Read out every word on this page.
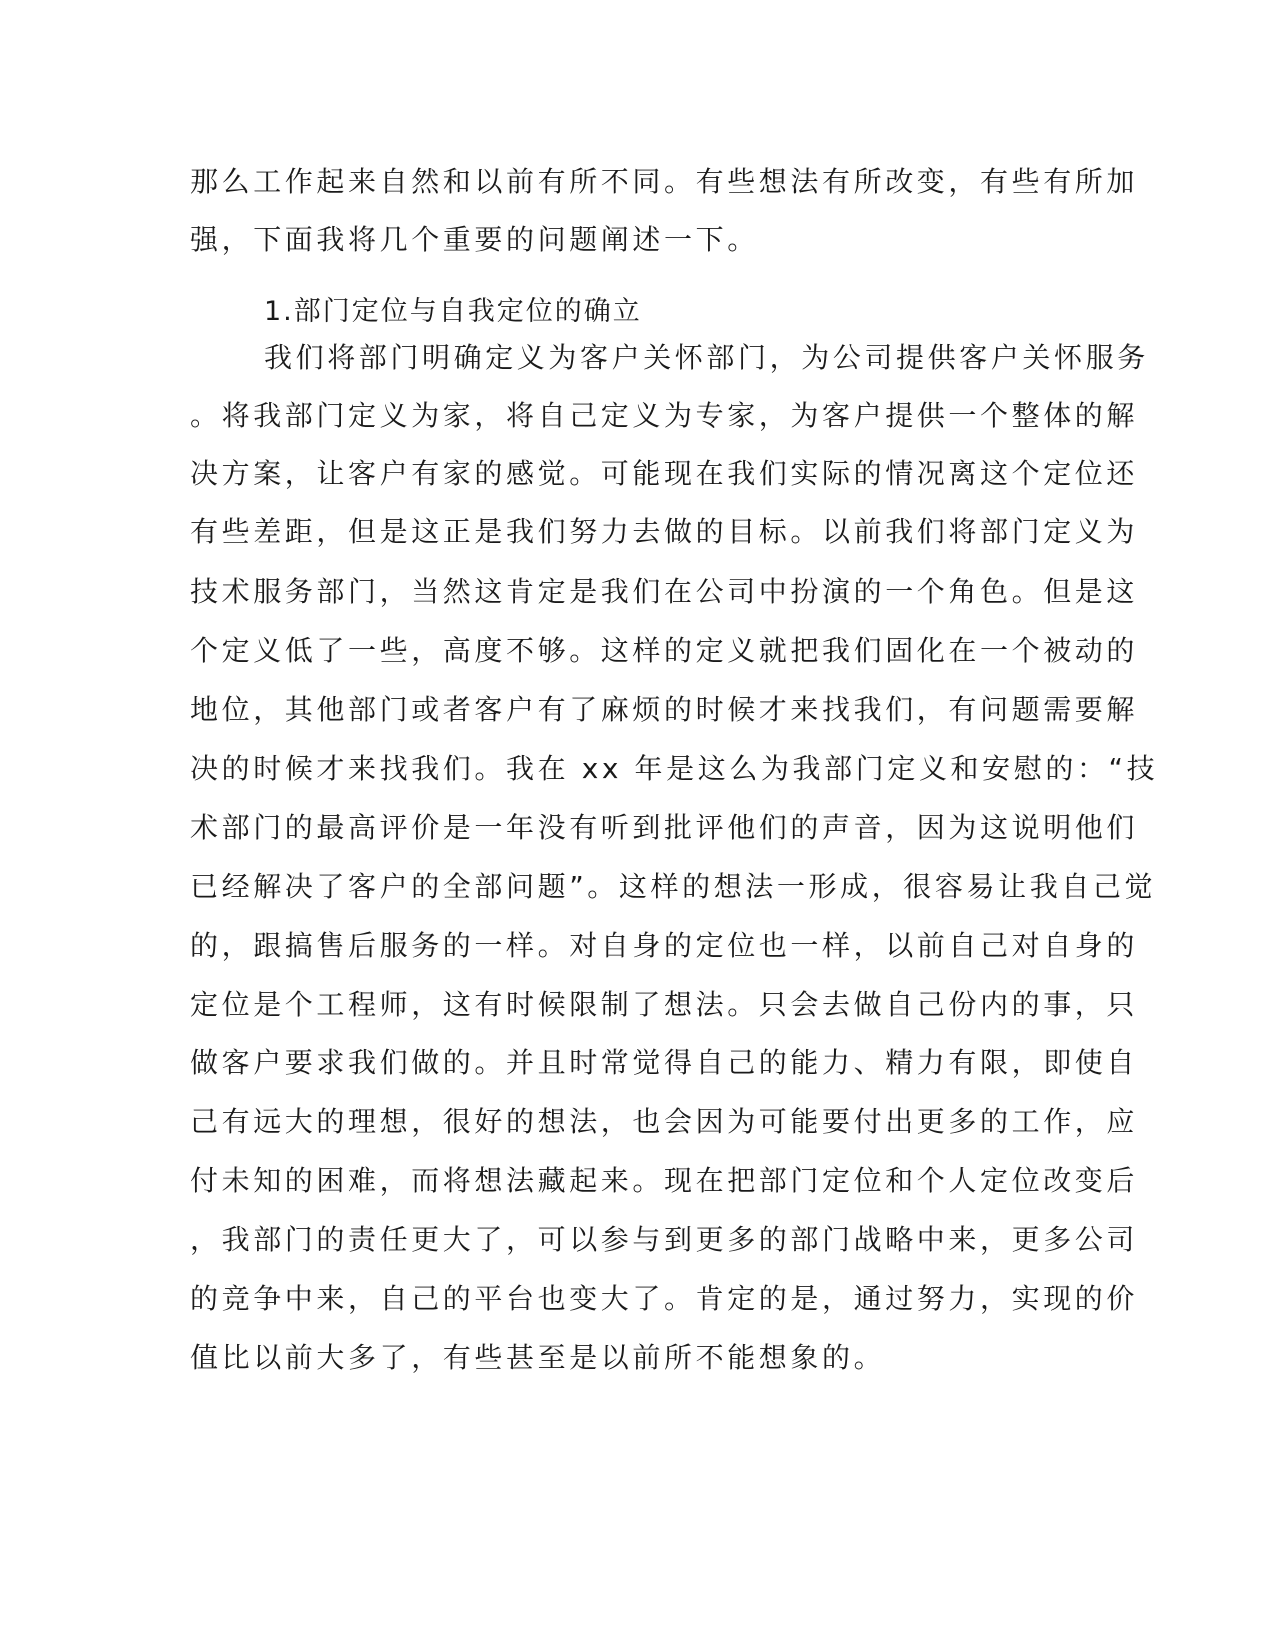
那么工作起来自然和以前有所不同。有些想法有所改变，有些有所加

强，下面我将几个重要的问题阐述一下。

1.部门定位与自我定位的确立

我们将部门明确定义为客户关怀部门，为公司提供客户关怀服务

。将我部门定义为家，将自己定义为专家，为客户提供一个整体的解

决方案，让客户有家的感觉。可能现在我们实际的情况离这个定位还

有些差距，但是这正是我们努力去做的目标。以前我们将部门定义为

技术服务部门，当然这肯定是我们在公司中扮演的一个角色。但是这

个定义低了一些，高度不够。这样的定义就把我们固化在一个被动的

地位，其他部门或者客户有了麻烦的时候才来找我们，有问题需要解

决的时候才来找我们。我在 xx 年是这么为我部门定义和安慰的：“技

术部门的最高评价是一年没有听到批评他们的声音，因为这说明他们

已经解决了客户的全部问题”。这样的想法一形成，很容易让我自己觉

的，跟搞售后服务的一样。对自身的定位也一样，以前自己对自身的

定位是个工程师，这有时候限制了想法。只会去做自己份内的事，只

做客户要求我们做的。并且时常觉得自己的能力、精力有限，即使自

己有远大的理想，很好的想法，也会因为可能要付出更多的工作，应

付未知的困难，而将想法藏起来。现在把部门定位和个人定位改变后

，我部门的责任更大了，可以参与到更多的部门战略中来，更多公司

的竞争中来，自己的平台也变大了。肯定的是，通过努力，实现的价

值比以前大多了，有些甚至是以前所不能想象的。
